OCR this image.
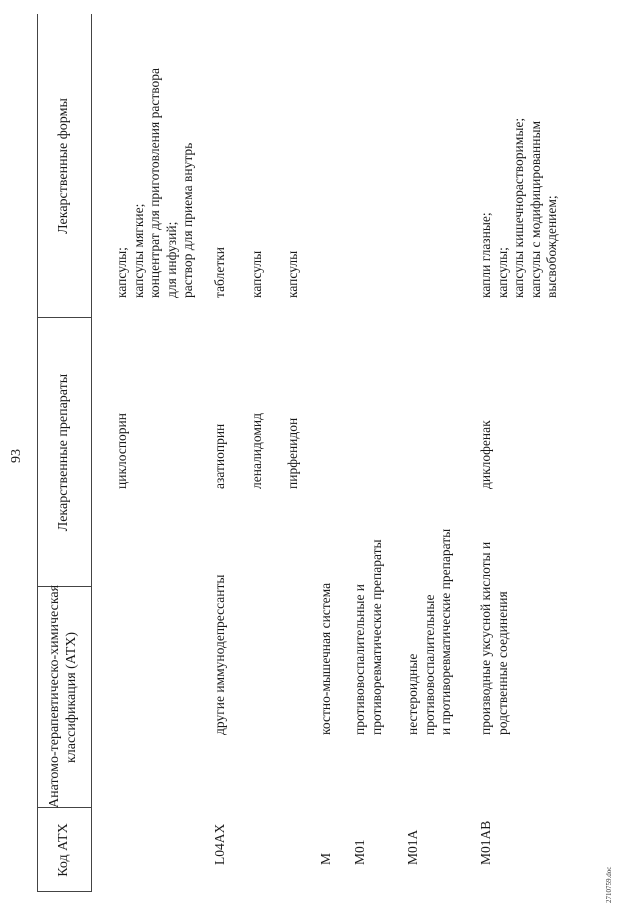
93
Код АТХ
Анатомо-терапевтическо-химическая классификация (АТХ)
Лекарственные препараты
Лекарственные формы
циклоспорин
капсулы; капсулы мягкие; концентрат для приготовления раствора для инфузий; раствор для приема внутрь
L04AX
другие иммунодепрессанты
азатиоприн
таблетки
леналидомид
капсулы
пирфенидон
капсулы
M
костно-мышечная система
M01
противовоспалительные и противоревматические препараты
M01A
нестероидные противовоспалительные и противоревматические препараты
M01AB
производные уксусной кислоты и родственные соединения
диклофенак
капли глазные; капсулы; капсулы кишечнорастворимые; капсулы с модифицированным высвобождением;
2710759.doc
